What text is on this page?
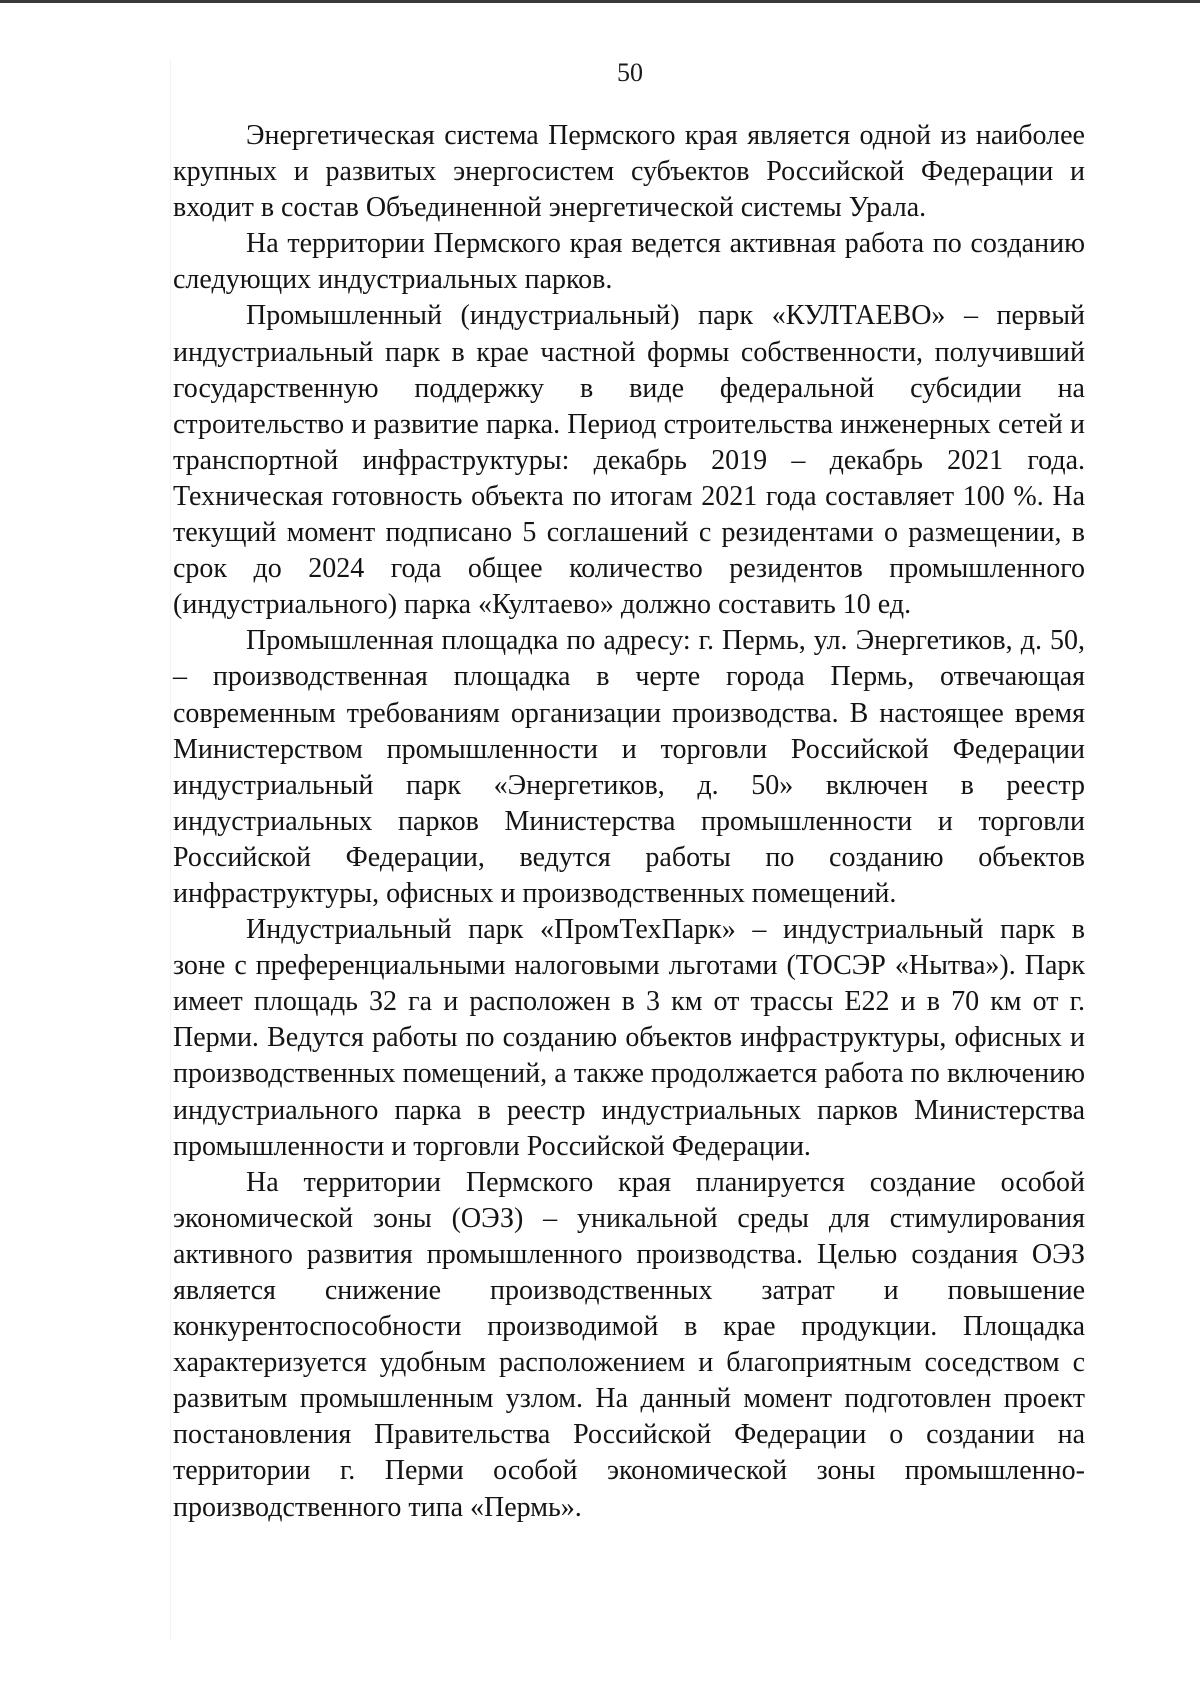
50

Энергетическая система Пермского края является одной из наиболее крупных и развитых энергосистем субъектов Российской Федерации и входит в состав Объединенной энергетической системы Урала.

На территории Пермского края ведется активная работа по созданию следующих индустриальных парков.

Промышленный (индустриальный) парк «КУЛТАЕВО» – первый индустриальный парк в крае частной формы собственности, получивший государственную поддержку в виде федеральной субсидии на строительство и развитие парка. Период строительства инженерных сетей и транспортной инфраструктуры: декабрь 2019 – декабрь 2021 года. Техническая готовность объекта по итогам 2021 года составляет 100 %. На текущий момент подписано 5 соглашений с резидентами о размещении, в срок до 2024 года общее количество резидентов промышленного (индустриального) парка «Култаево» должно составить 10 ед.

Промышленная площадка по адресу: г. Пермь, ул. Энергетиков, д. 50, – производственная площадка в черте города Пермь, отвечающая современным требованиям организации производства. В настоящее время Министерством промышленности и торговли Российской Федерации индустриальный парк «Энергетиков, д. 50» включен в реестр индустриальных парков Министерства промышленности и торговли Российской Федерации, ведутся работы по созданию объектов инфраструктуры, офисных и производственных помещений.

Индустриальный парк «ПромТехПарк» – индустриальный парк в зоне с преференциальными налоговыми льготами (ТОСЭР «Нытва»). Парк имеет площадь 32 га и расположен в 3 км от трассы Е22 и в 70 км от г. Перми. Ведутся работы по созданию объектов инфраструктуры, офисных и производственных помещений, а также продолжается работа по включению индустриального парка в реестр индустриальных парков Министерства промышленности и торговли Российской Федерации.

На территории Пермского края планируется создание особой экономической зоны (ОЭЗ) – уникальной среды для стимулирования активного развития промышленного производства. Целью создания ОЭЗ является снижение производственных затрат и повышение конкурентоспособности производимой в крае продукции. Площадка характеризуется удобным расположением и благоприятным соседством с развитым промышленным узлом. На данный момент подготовлен проект постановления Правительства Российской Федерации о создании на территории г. Перми особой экономической зоны промышленно-производственного типа «Пермь».
